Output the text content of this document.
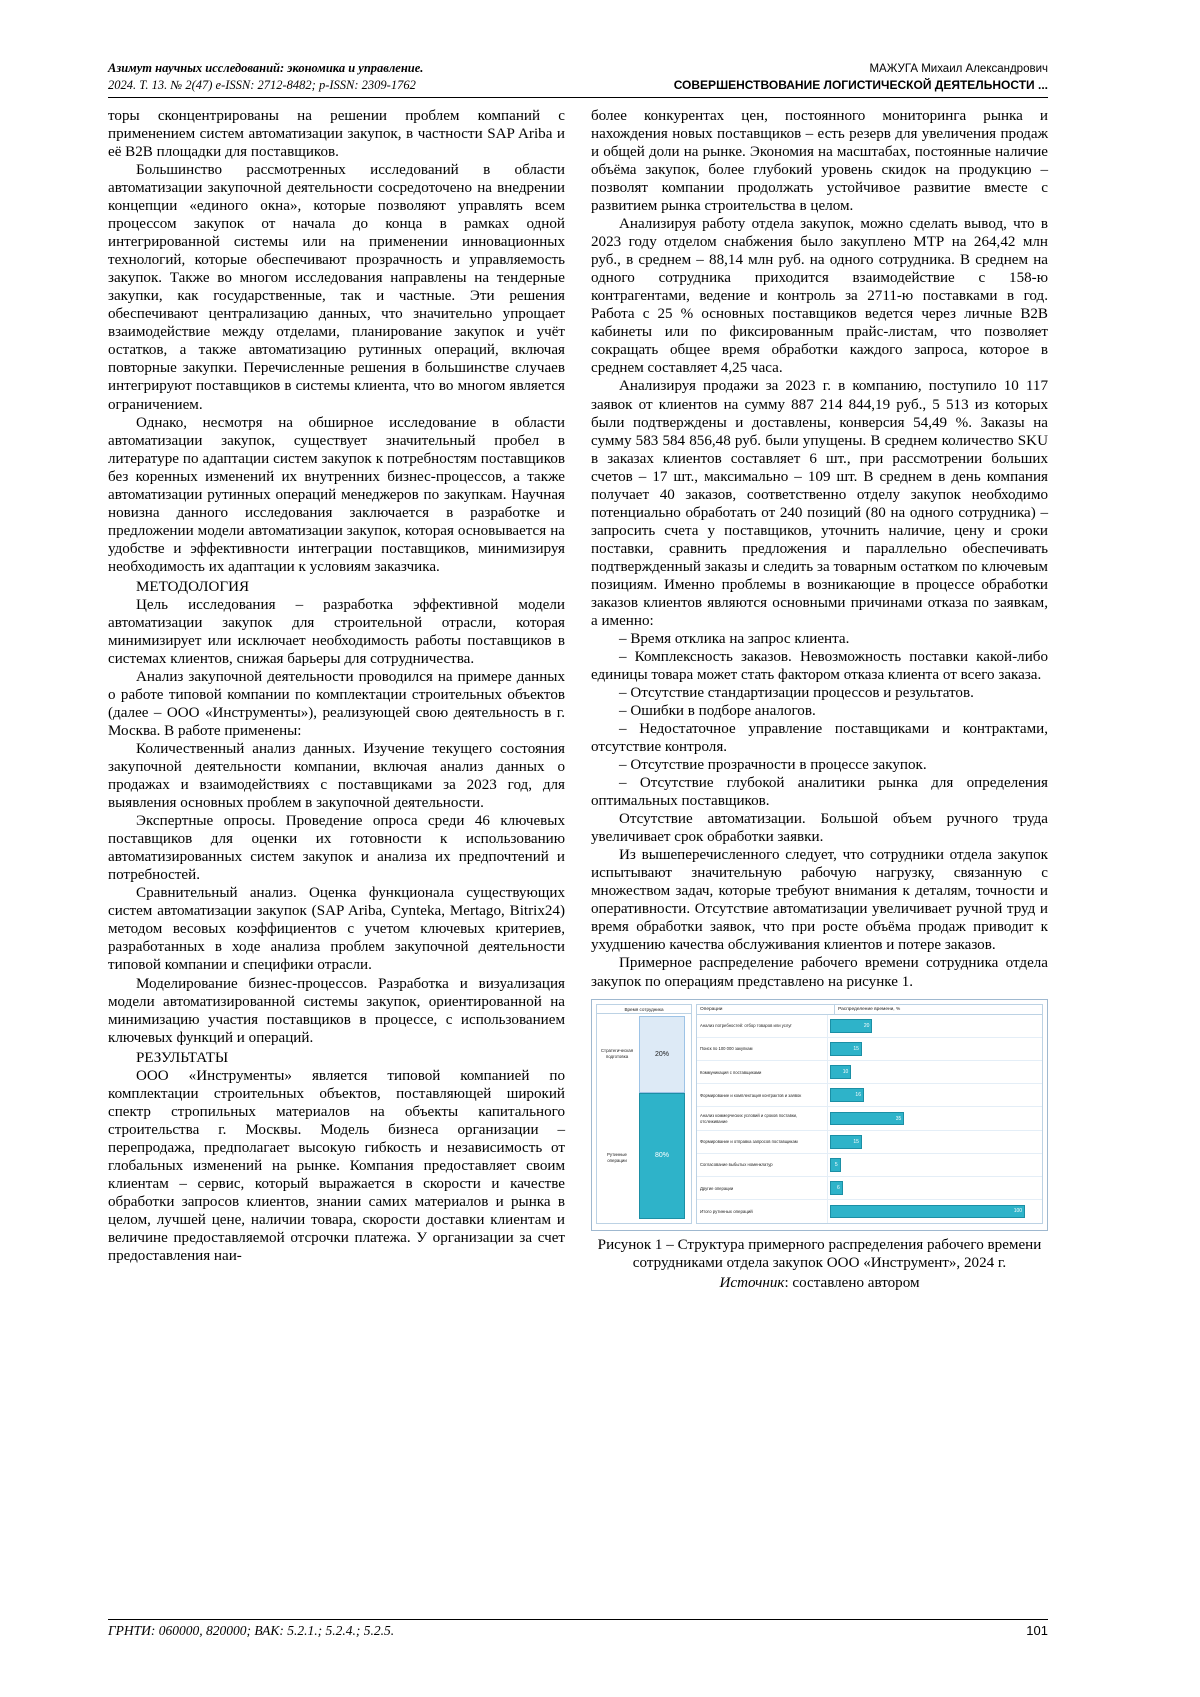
Азимут научных исследований: экономика и управление.	МАЖУГА Михаил Александрович
2024. Т. 13. № 2(47) e-ISSN: 2712-8482; p-ISSN: 2309-1762	СОВЕРШЕНСТВОВАНИЕ ЛОГИСТИЧЕСКОЙ ДЕЯТЕЛЬНОСТИ ...

торы сконцентрированы на решении проблем компаний с применением систем автоматизации закупок, в частности SAP Ariba и её B2B площадки для поставщиков.

Большинство рассмотренных исследований в области автоматизации закупочной деятельности сосредоточено на внедрении концепции «единого окна», которые позволяют управлять всем процессом закупок от начала до конца в рамках одной интегрированной системы или на применении инновационных технологий, которые обеспечивают прозрачность и управляемость закупок. Также во многом исследования направлены на тендерные закупки, как государственные, так и частные. Эти решения обеспечивают централизацию данных, что значительно упрощает взаимодействие между отделами, планирование закупок и учёт остатков, а также автоматизацию рутинных операций, включая повторные закупки. Перечисленные решения в большинстве случаев интегрируют поставщиков в системы клиента, что во многом является ограничением.

Однако, несмотря на обширное исследование в области автоматизации закупок, существует значительный пробел в литературе по адаптации систем закупок к потребностям поставщиков без коренных изменений их внутренних бизнес-процессов, а также автоматизации рутинных операций менеджеров по закупкам. Научная новизна данного исследования заключается в разработке и предложении модели автоматизации закупок, которая основывается на удобстве и эффективности интеграции поставщиков, минимизируя необходимость их адаптации к условиям заказчика.

МЕТОДОЛОГИЯ

Цель исследования – разработка эффективной модели автоматизации закупок для строительной отрасли, которая минимизирует или исключает необходимость работы поставщиков в системах клиентов, снижая барьеры для сотрудничества.

Анализ закупочной деятельности проводился на примере данных о работе типовой компании по комплектации строительных объектов (далее – ООО «Инструменты»), реализующей свою деятельность в г. Москва. В работе применены:

Количественный анализ данных. Изучение текущего состояния закупочной деятельности компании, включая анализ данных о продажах и взаимодействиях с поставщиками за 2023 год, для выявления основных проблем в закупочной деятельности.

Экспертные опросы. Проведение опроса среди 46 ключевых поставщиков для оценки их готовности к использованию автоматизированных систем закупок и анализа их предпочтений и потребностей.

Сравнительный анализ. Оценка функционала существующих систем автоматизации закупок (SAP Ariba, Cynteka, Mertago, Bitrix24) методом весовых коэффициентов с учетом ключевых критериев, разработанных в ходе анализа проблем закупочной деятельности типовой компании и специфики отрасли.

Моделирование бизнес-процессов. Разработка и визуализация модели автоматизированной системы закупок, ориентированной на минимизацию участия поставщиков в процессе, с использованием ключевых функций и операций.

РЕЗУЛЬТАТЫ

ООО «Инструменты» является типовой компанией по комплектации строительных объектов, поставляющей широкий спектр стропильных материалов на объекты капитального строительства г. Москвы. Модель бизнеса организации – перепродажа, предполагает высокую гибкость и независимость от глобальных изменений на рынке. Компания предоставляет своим клиентам – сервис, который выражается в скорости и качестве обработки запросов клиентов, знании самих материалов и рынка в целом, лучшей цене, наличии товара, скорости доставки клиентам и величине предоставляемой отсрочки платежа. У организации за счет предоставления наи-

более конкурентах цен, постоянного мониторинга рынка и нахождения новых поставщиков – есть резерв для увеличения продаж и общей доли на рынке. Экономия на масштабах, постоянные наличие объёма закупок, более глубокий уровень скидок на продукцию – позволят компании продолжать устойчивое развитие вместе с развитием рынка строительства в целом.

Анализируя работу отдела закупок, можно сделать вывод, что в 2023 году отделом снабжения было закуплено МТР на 264,42 млн руб., в среднем – 88,14 млн руб. на одного сотрудника. В среднем на одного сотрудника приходится взаимодействие с 158-ю контрагентами, ведение и контроль за 2711-ю поставками в год. Работа с 25 % основных поставщиков ведется через личные B2B кабинеты или по фиксированным прайс-листам, что позволяет сокращать общее время обработки каждого запроса, которое в среднем составляет 4,25 часа.

Анализируя продажи за 2023 г. в компанию, поступило 10 117 заявок от клиентов на сумму 887 214 844,19 руб., 5 513 из которых были подтверждены и доставлены, конверсия 54,49 %. Заказы на сумму 583 584 856,48 руб. были упущены. В среднем количество SKU в заказах клиентов составляет 6 шт., при рассмотрении больших счетов – 17 шт., максимально – 109 шт. В среднем в день компания получает 40 заказов, соответственно отделу закупок необходимо потенциально обработать от 240 позиций (80 на одного сотрудника) – запросить счета у поставщиков, уточнить наличие, цену и сроки поставки, сравнить предложения и параллельно обеспечивать подтвержденный заказы и следить за товарным остатком по ключевым позициям. Именно проблемы в возникающие в процессе обработки заказов клиентов являются основными причинами отказа по заявкам, а именно:

– Время отклика на запрос клиента.

– Комплексность заказов. Невозможность поставки какой-либо единицы товара может стать фактором отказа клиента от всего заказа.

– Отсутствие стандартизации процессов и результатов.

– Ошибки в подборе аналогов.

– Недостаточное управление поставщиками и контрактами, отсутствие контроля.

– Отсутствие прозрачности в процессе закупок.

– Отсутствие глубокой аналитики рынка для определения оптимальных поставщиков.

Отсутствие автоматизации. Большой объем ручного труда увеличивает срок обработки заявки.

Из вышеперечисленного следует, что сотрудники отдела закупок испытывают значительную рабочую нагрузку, связанную с множеством задач, которые требуют внимания к деталям, точности и оперативности. Отсутствие автоматизации увеличивает ручной труд и время обработки заявок, что при росте объёма продаж приводит к ухудшению качества обслуживания клиентов и потере заказов.

Примерное распределение рабочего времени сотрудника отдела закупок по операциям представлено на рисунке 1.

Время сотрудника
Стратегическая подготовка
Рутинные операции
20%
80%
Операции	Распределение времени, %
Анализ потребностей: отбор товаров или услуг	20
Поиск по 100 000 закупкам	15
Коммуникация с поставщиками	10
Формирование и комплектация контрактов и заявок	16
Анализ коммерческих условий и сроков поставки, отслеживание	35
Формирование и отправка запросов поставщикам	15
Согласование выбытых номенклатур	5
Другие операции	6
Итого рутинных операций	100
Рисунок 1 – Структура примерного распределения рабочего времени сотрудниками отдела закупок ООО «Инструмент», 2024 г.
Источник: составлено автором
ГРНТИ: 060000, 820000; ВАК: 5.2.1.; 5.2.4.; 5.2.5.	101
